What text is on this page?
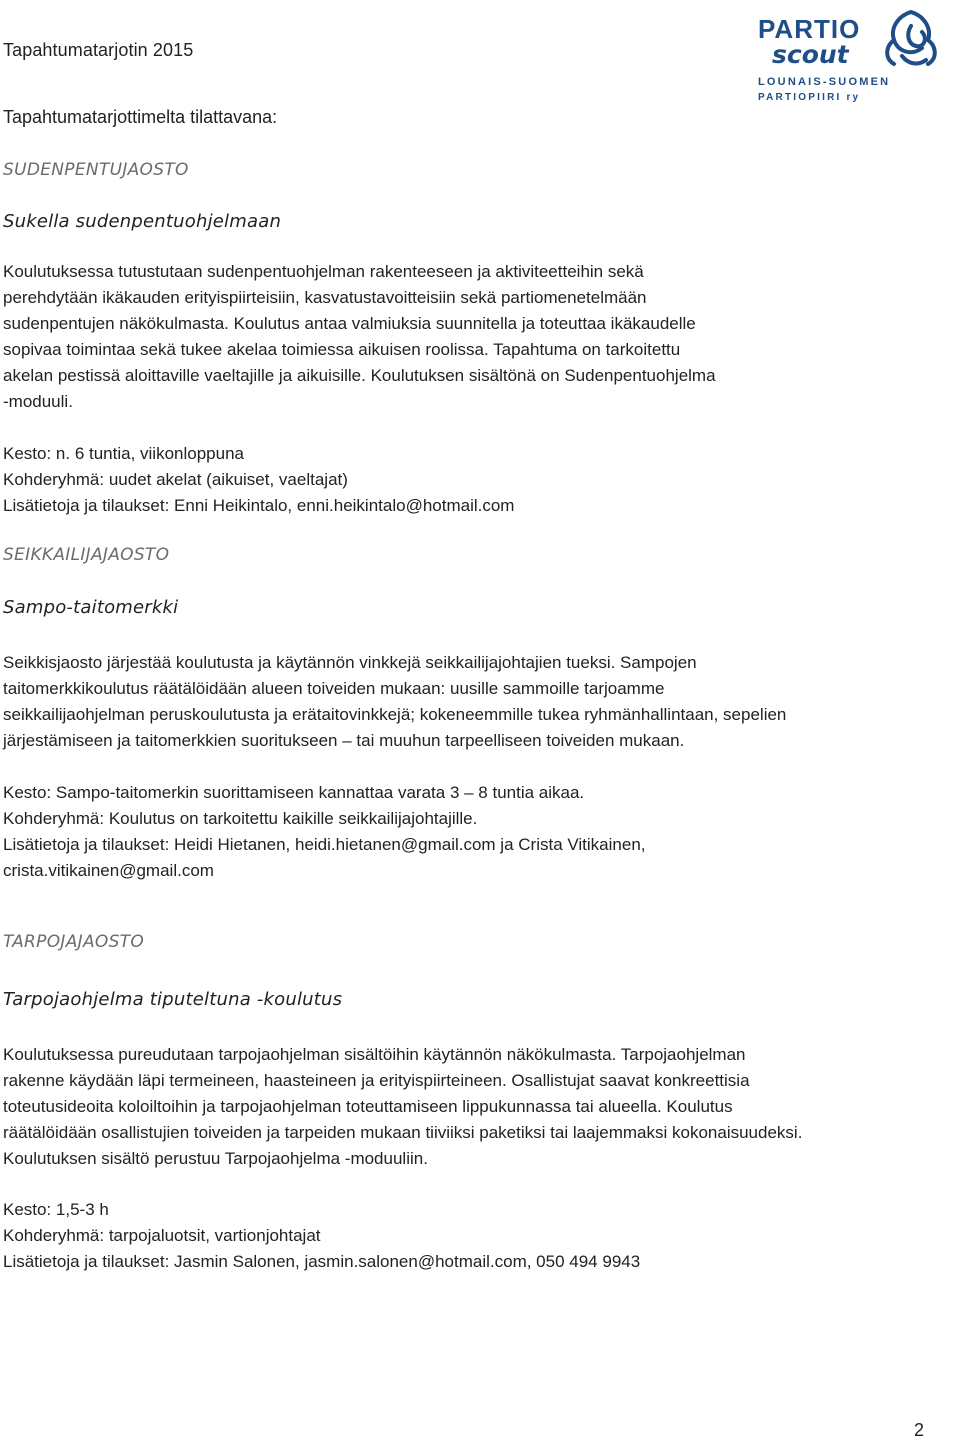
Tapahtumatarjotin 2015
PARTIO
scout
LOUNAIS-SUOMEN
PARTIOPIIRI ry
Tapahtumatarjottimelta tilattavana:
SUDENPENTUJAOSTO
Sukella sudenpentuohjelmaan
Koulutuksessa tutustutaan sudenpentuohjelman rakenteeseen ja aktiviteetteihin sekä
perehdytään ikäkauden erityispiirteisiin, kasvatustavoitteisiin sekä partiomenetelmään
sudenpentujen näkökulmasta. Koulutus antaa valmiuksia suunnitella ja toteuttaa ikäkaudelle
sopivaa toimintaa sekä tukee akelaa toimiessa aikuisen roolissa. Tapahtuma on tarkoitettu
akelan pestissä aloittaville vaeltajille ja aikuisille. Koulutuksen sisältönä on Sudenpentuohjelma
-moduuli.
Kesto: n. 6 tuntia, viikonloppuna
Kohderyhmä: uudet akelat (aikuiset, vaeltajat)
Lisätietoja ja tilaukset: Enni Heikintalo, enni.heikintalo@hotmail.com
SEIKKAILIJAJAOSTO
Sampo-taitomerkki
Seikkisjaosto järjestää koulutusta ja käytännön vinkkejä seikkailijajohtajien tueksi. Sampojen
taitomerkkikoulutus räätälöidään alueen toiveiden mukaan: uusille sammoille tarjoamme
seikkailijaohjelman peruskoulutusta ja erätaitovinkkejä; kokeneemmille tukea ryhmänhallintaan, sepelien
järjestämiseen ja taitomerkkien suoritukseen – tai muuhun tarpeelliseen toiveiden mukaan.
Kesto: Sampo-taitomerkin suorittamiseen kannattaa varata 3 – 8 tuntia aikaa.
Kohderyhmä: Koulutus on tarkoitettu kaikille seikkailijajohtajille.
Lisätietoja ja tilaukset: Heidi Hietanen, heidi.hietanen@gmail.com ja Crista Vitikainen,
crista.vitikainen@gmail.com
TARPOJAJAOSTO
Tarpojaohjelma tiputeltuna -koulutus
Koulutuksessa pureudutaan tarpojaohjelman sisältöihin käytännön näkökulmasta. Tarpojaohjelman
rakenne käydään läpi termeineen, haasteineen ja erityispiirteineen. Osallistujat saavat konkreettisia
toteutusideoita koloiltoihin ja tarpojaohjelman toteuttamiseen lippukunnassa tai alueella. Koulutus
räätälöidään osallistujien toiveiden ja tarpeiden mukaan tiiviiksi paketiksi tai laajemmaksi kokonaisuudeksi.
Koulutuksen sisältö perustuu Tarpojaohjelma -moduuliin.
Kesto: 1,5-3 h
Kohderyhmä: tarpojaluotsit, vartionjohtajat
Lisätietoja ja tilaukset: Jasmin Salonen, jasmin.salonen@hotmail.com, 050 494 9943
2
